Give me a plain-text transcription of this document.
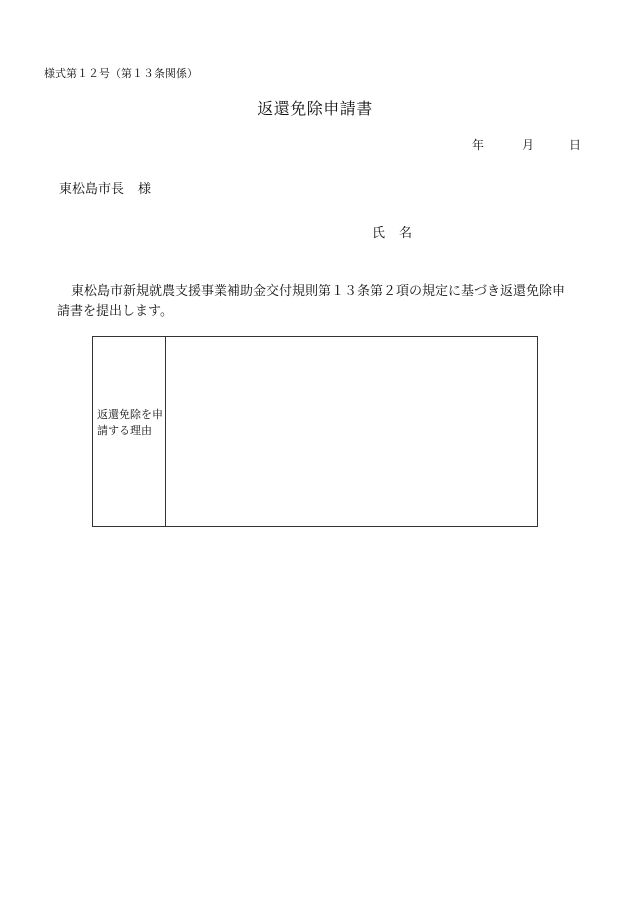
様式第１２号（第１３条関係）
返還免除申請書
年	月	日
東松島市長 様
氏 名
東松島市新規就農支援事業補助金交付規則第１３条第２項の規定に基づき返還免除申
請書を提出します。
返還免除を申請する理由
